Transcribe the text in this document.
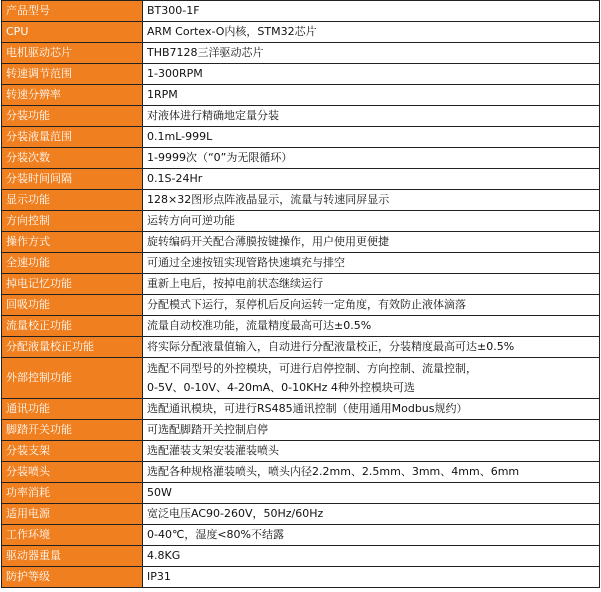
产品型号	BT300-1F
CPU	ARM Cortex-O内核，STM32芯片
电机驱动芯片	THB7128三洋驱动芯片
转速调节范围	1-300RPM
转速分辨率	1RPM
分装功能	对液体进行精确地定量分装
分装液量范围	0.1mL-999L
分装次数	1-9999次（“0”为无限循环）
分装时间间隔	0.1S-24Hr
显示功能	128×32图形点阵液晶显示，流量与转速同屏显示
方向控制	运转方向可逆功能
操作方式	旋转编码开关配合薄膜按键操作，用户使用更便捷
全速功能	可通过全速按钮实现管路快速填充与排空
掉电记忆功能	重新上电后，按掉电前状态继续运行
回吸功能	分配模式下运行，泵停机后反向运转一定角度，有效防止液体滴落
流量校正功能	流量自动校准功能，流量精度最高可达±0.5%
分配液量校正功能	将实际分配液量值输入，自动进行分配液量校正，分装精度最高可达±0.5%
外部控制功能	选配不同型号的外控模块，可进行启停控制、方向控制、流量控制，
0-5V、0-10V、4-20mA、0-10KHz 4种外控模块可选

通讯功能	选配通讯模块，可进行RS485通讯控制（使用通用Modbus规约）
脚踏开关功能	可选配脚踏开关控制启停
分装支架	选配灌装支架安装灌装喷头
分装喷头	选配各种规格灌装喷头，喷头内径2.2mm、2.5mm、3mm、4mm、6mm
功率消耗	50W
适用电源	宽泛电压AC90-260V，50Hz/60Hz
工作环境	0-40℃，湿度<80%不结露
驱动器重量	4.8KG
防护等级	IP31
